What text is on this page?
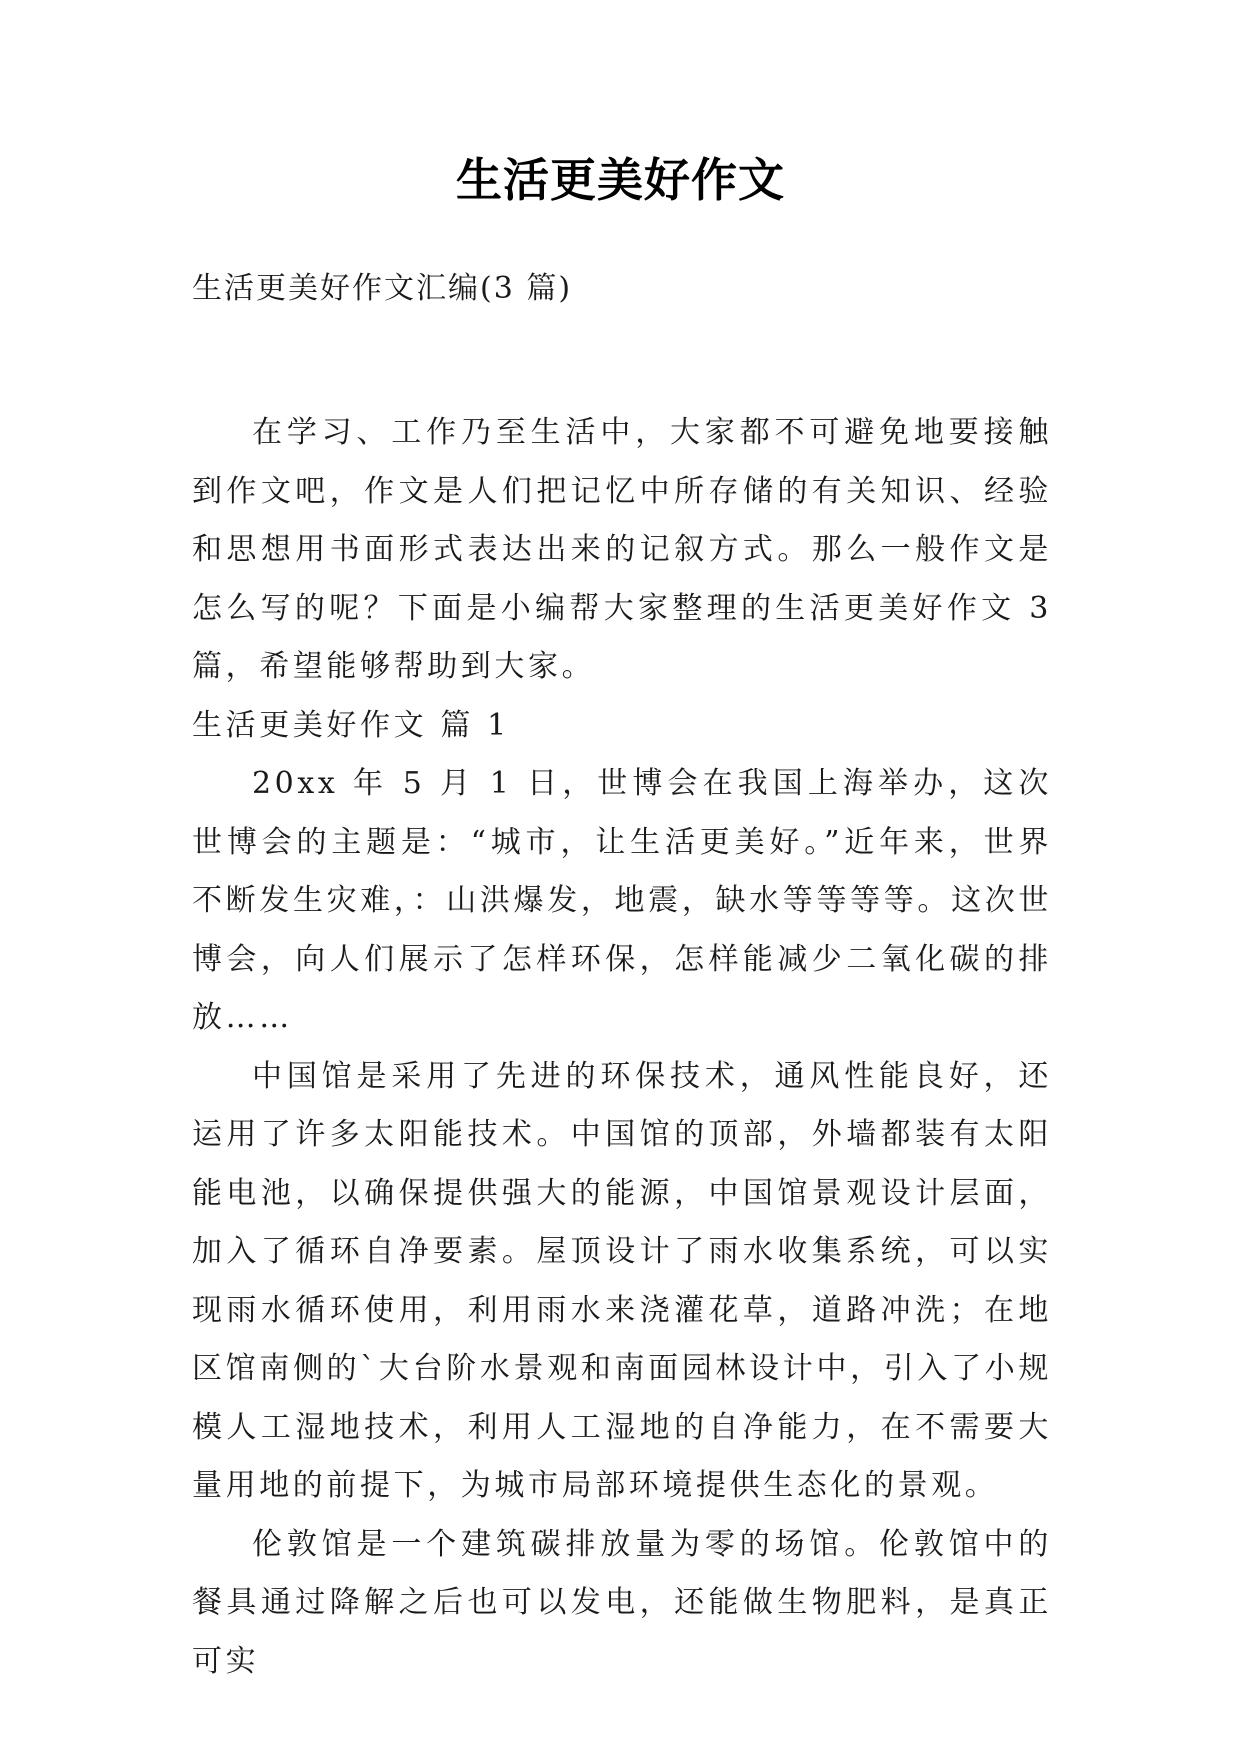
生活更美好作文
生活更美好作文汇编(3 篇)

在学习、工作乃至生活中，大家都不可避免地要接触到作文吧，作文是人们把记忆中所存储的有关知识、经验和思想用书面形式表达出来的记叙方式。那么一般作文是怎么写的呢？下面是小编帮大家整理的生活更美好作文 3 篇，希望能够帮助到大家。

生活更美好作文 篇 1

20xx 年 5 月 1 日，世博会在我国上海举办，这次世博会的主题是：“城市，让生活更美好。”近年来，世界不断发生灾难，：山洪爆发，地震，缺水等等等等。这次世博会，向人们展示了怎样环保，怎样能减少二氧化碳的排放……

中国馆是采用了先进的环保技术，通风性能良好，还运用了许多太阳能技术。中国馆的顶部，外墙都装有太阳能电池，以确保提供强大的能源，中国馆景观设计层面，加入了循环自净要素。屋顶设计了雨水收集系统，可以实现雨水循环使用，利用雨水来浇灌花草，道路冲洗；在地区馆南侧的`大台阶水景观和南面园林设计中，引入了小规模人工湿地技术，利用人工湿地的自净能力，在不需要大量用地的前提下，为城市局部环境提供生态化的景观。

伦敦馆是一个建筑碳排放量为零的场馆。伦敦馆中的餐具通过降解之后也可以发电，还能做生物肥料，是真正可实
